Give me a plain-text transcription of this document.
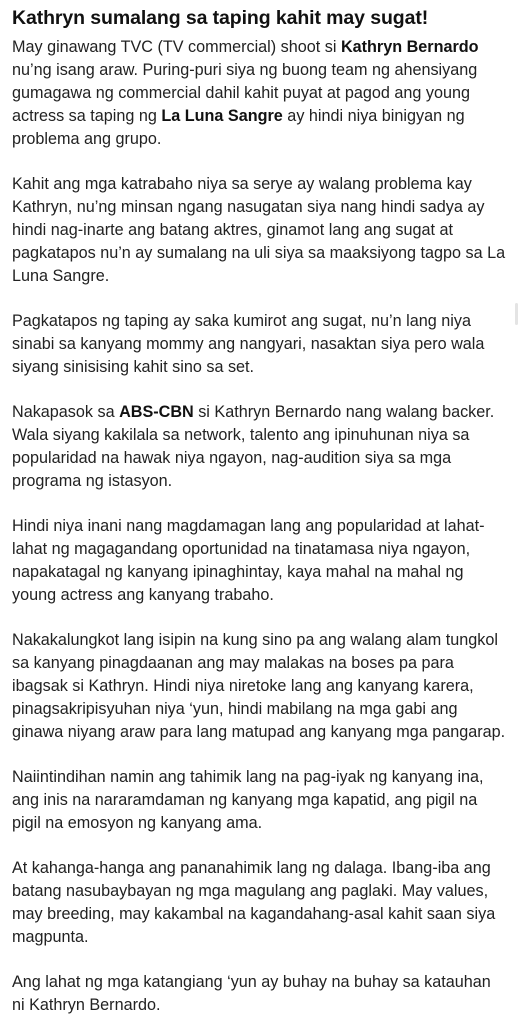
Kathryn sumalang sa taping kahit may sugat!

May ginawang TVC (TV commercial) shoot si Kathryn Bernardo nu’ng isang araw. Puring-puri siya ng buong team ng ahensiyang gumagawa ng commercial dahil kahit puyat at pagod ang young actress sa taping ng La Luna Sangre ay hindi niya binigyan ng problema ang grupo.

Kahit ang mga katrabaho niya sa serye ay walang problema kay Kathryn, nu’ng minsan ngang nasugatan siya nang hindi sadya ay hindi nag-inarte ang batang aktres, ginamot lang ang sugat at pagkatapos nu’n ay sumalang na uli siya sa maaksiyong tagpo sa La Luna Sangre.

Pagkatapos ng taping ay saka kumirot ang sugat, nu’n lang niya sinabi sa kanyang mommy ang nangyari, nasaktan siya pero wala siyang sinisising kahit sino sa set.

Nakapasok sa ABS-CBN si Kathryn Bernardo nang walang backer. Wala siyang kakilala sa network, talento ang ipinuhunan niya sa popularidad na hawak niya ngayon, nag-audition siya sa mga programa ng istasyon.

Hindi niya inani nang magdamagan lang ang popularidad at lahat-lahat ng magagandang oportunidad na tinatamasa niya ngayon, napakatagal ng kanyang ipinaghintay, kaya mahal na mahal ng young actress ang kanyang trabaho.

Nakakalungkot lang isipin na kung sino pa ang walang alam tungkol sa kanyang pinagdaanan ang may malakas na boses pa para ibagsak si Kathryn. Hindi niya niretoke lang ang kanyang karera, pinagsakripisyuhan niya ‘yun, hindi mabilang na mga gabi ang ginawa niyang araw para lang matupad ang kanyang mga pangarap.

Naiintindihan namin ang tahimik lang na pag-iyak ng kanyang ina, ang inis na nararamdaman ng kanyang mga kapatid, ang pigil na pigil na emosyon ng kanyang ama.

At kahanga-hanga ang pananahimik lang ng dalaga. Ibang-iba ang batang nasubaybayan ng mga magulang ang paglaki. May values, may breeding, may kakambal na kagandahang-asal kahit saan siya magpunta.

Ang lahat ng mga katangiang ‘yun ay buhay na buhay sa katauhan ni Kathryn Bernardo.
